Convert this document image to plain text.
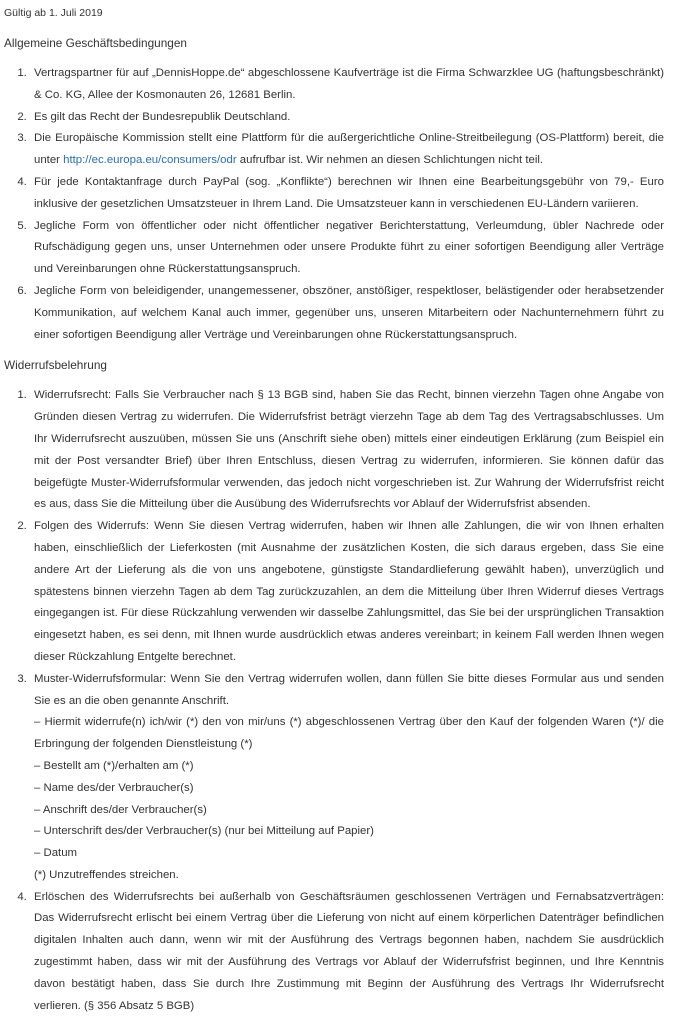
Gültig ab 1. Juli 2019

Allgemeine Geschäftsbedingungen
1. Vertragspartner für auf „DennisHoppe.de“ abgeschlossene Kaufverträge ist die Firma Schwarzklee UG (haftungsbeschränkt) & Co. KG, Allee der Kosmonauten 26, 12681 Berlin.
2. Es gilt das Recht der Bundesrepublik Deutschland.
3. Die Europäische Kommission stellt eine Plattform für die außergerichtliche Online-Streitbeilegung (OS-Plattform) bereit, die unter http://ec.europa.eu/consumers/odr aufrufbar ist. Wir nehmen an diesen Schlichtungen nicht teil.
4. Für jede Kontaktanfrage durch PayPal (sog. „Konflikte“) berechnen wir Ihnen eine Bearbeitungsgebühr von 79,- Euro inklusive der gesetzlichen Umsatzsteuer in Ihrem Land. Die Umsatzsteuer kann in verschiedenen EU-Ländern variieren.
5. Jegliche Form von öffentlicher oder nicht öffentlicher negativer Berichterstattung, Verleumdung, übler Nachrede oder Rufschädigung gegen uns, unser Unternehmen oder unsere Produkte führt zu einer sofortigen Beendigung aller Verträge und Vereinbarungen ohne Rückerstattungsanspruch.
6. Jegliche Form von beleidigender, unangemessener, obszöner, anstößiger, respektloser, belästigender oder herabsetzender Kommunikation, auf welchem Kanal auch immer, gegenüber uns, unseren Mitarbeitern oder Nachunternehmern führt zu einer sofortigen Beendigung aller Verträge und Vereinbarungen ohne Rückerstattungsanspruch.
Widerrufsbelehrung
1. Widerrufsrecht: Falls Sie Verbraucher nach § 13 BGB sind, haben Sie das Recht, binnen vierzehn Tagen ohne Angabe von Gründen diesen Vertrag zu widerrufen. Die Widerrufsfrist beträgt vierzehn Tage ab dem Tag des Vertragsabschlusses. Um Ihr Widerrufsrecht auszuüben, müssen Sie uns (Anschrift siehe oben) mittels einer eindeutigen Erklärung (zum Beispiel ein mit der Post versandter Brief) über Ihren Entschluss, diesen Vertrag zu widerrufen, informieren. Sie können dafür das beigefügte Muster-Widerrufsformular verwenden, das jedoch nicht vorgeschrieben ist. Zur Wahrung der Widerrufsfrist reicht es aus, dass Sie die Mitteilung über die Ausübung des Widerrufsrechts vor Ablauf der Widerrufsfrist absenden.
2. Folgen des Widerrufs: Wenn Sie diesen Vertrag widerrufen, haben wir Ihnen alle Zahlungen, die wir von Ihnen erhalten haben, einschließlich der Lieferkosten (mit Ausnahme der zusätzlichen Kosten, die sich daraus ergeben, dass Sie eine andere Art der Lieferung als die von uns angebotene, günstigste Standardlieferung gewählt haben), unverzüglich und spätestens binnen vierzehn Tagen ab dem Tag zurückzuzahlen, an dem die Mitteilung über Ihren Widerruf dieses Vertrags eingegangen ist. Für diese Rückzahlung verwenden wir dasselbe Zahlungsmittel, das Sie bei der ursprünglichen Transaktion eingesetzt haben, es sei denn, mit Ihnen wurde ausdrücklich etwas anderes vereinbart; in keinem Fall werden Ihnen wegen dieser Rückzahlung Entgelte berechnet.
3. Muster-Widerrufsformular: Wenn Sie den Vertrag widerrufen wollen, dann füllen Sie bitte dieses Formular aus und senden Sie es an die oben genannte Anschrift.
– Hiermit widerrufe(n) ich/wir (*) den von mir/uns (*) abgeschlossenen Vertrag über den Kauf der folgenden Waren (*)/ die Erbringung der folgenden Dienstleistung (*)
– Bestellt am (*)/erhalten am (*)
– Name des/der Verbraucher(s)
– Anschrift des/der Verbraucher(s)
– Unterschrift des/der Verbraucher(s) (nur bei Mitteilung auf Papier)
– Datum
(*) Unzutreffendes streichen.
4. Erlöschen des Widerrufsrechts bei außerhalb von Geschäftsräumen geschlossenen Verträgen und Fernabsatzverträgen: Das Widerrufsrecht erlischt bei einem Vertrag über die Lieferung von nicht auf einem körperlichen Datenträger befindlichen digitalen Inhalten auch dann, wenn wir mit der Ausführung des Vertrags begonnen haben, nachdem Sie ausdrücklich zugestimmt haben, dass wir mit der Ausführung des Vertrags vor Ablauf der Widerrufsfrist beginnen, und Ihre Kenntnis davon bestätigt haben, dass Sie durch Ihre Zustimmung mit Beginn der Ausführung des Vertrags Ihr Widerrufsrecht verlieren. (§ 356 Absatz 5 BGB)
